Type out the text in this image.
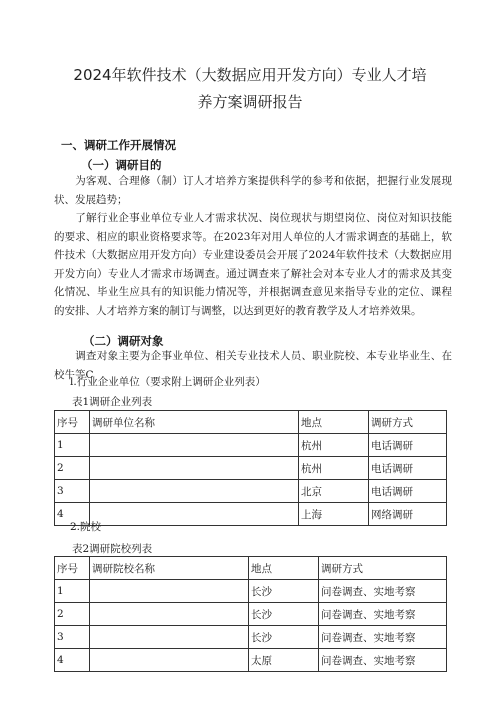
2024年软件技术（大数据应用开发方向）专业人才培
养方案调研报告
一、调研工作开展情况
（一）调研目的
为客观、合理修（制）订人才培养方案提供科学的参考和依据，把握行业发展现状、发展趋势；
了解行业企事业单位专业人才需求状况、岗位现状与期望岗位、岗位对知识技能的要求、相应的职业资格要求等。在2023年对用人单位的人才需求调查的基础上，软件技术（大数据应用开发方向）专业建设委员会开展了2024年软件技术（大数据应用开发方向）专业人才需求市场调查。通过调查来了解社会对本专业人才的需求及其变化情况、毕业生应具有的知识能力情况等，并根据调查意见来指导专业的定位、课程的安排、人才培养方案的制订与调整，以达到更好的教育教学及人才培养效果。
（二）调研对象
调查对象主要为企事业单位、相关专业技术人员、职业院校、本专业毕业生、在校牛等C
l.行业企业单位（要求附上调研企业列表）
表1调研企业列表
序号	调研单位名称	地点	调研方式
1		杭州	电话调研
2		杭州	电话调研
3		北京	电话调研
4		上海	网络调研
2.院校
表2调研院校列表
序号	调研院校名称	地点	调研方式
1		长沙	问卷调查、实地考察
2		长沙	问卷调查、实地考察
3		长沙	问卷调查、实地考察
4		太原	问卷调查、实地考察
